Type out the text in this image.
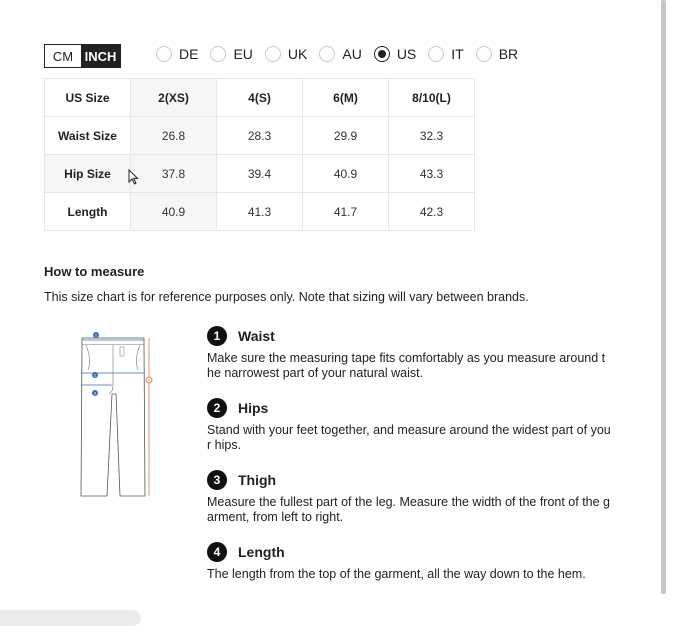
CM INCH	DE	EU	UK	AU	US	IT	BR
US Size	2(XS)	4(S)	6(M)	8/10(L)
Waist Size	26.8	28.3	29.9	32.3
Hip Size	37.8	39.4	40.9	43.3
Length	40.9	41.3	41.7	42.3
How to measure
This size chart is for reference purposes only. Note that sizing will vary between brands.
1
2
3
4
1	Waist
Make sure the measuring tape fits comfortably as you measure around the narrowest part of your natural waist.
2	Hips
Stand with your feet together, and measure around the widest part of your hips.
3	Thigh
Measure the fullest part of the leg. Measure the width of the front of the garment, from left to right.
4	Length
The length from the top of the garment, all the way down to the hem.
